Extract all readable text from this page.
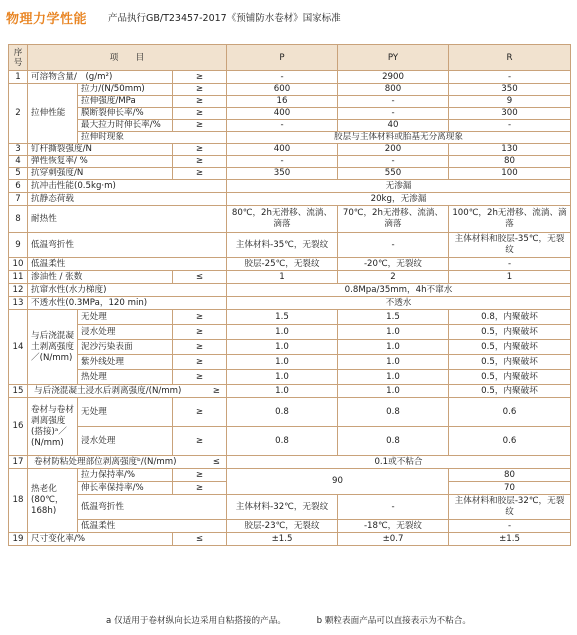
物理力学性能 产品执行GB/T23457-2017《预铺防水卷材》国家标准
序号	项　　目			P	PY	R
1	可溶物含量/　(g/m²)		≥	-	2900	-
2	拉伸性能	拉力/(N/50mm)	≥	600	800	350
		拉伸强度/MPa	≥	16	-	9
		膜断裂伸长率/%	≥	400	-	300
		最大拉力时伸长率/%	≥	-	40	-
		拉伸时现象		胶层与主体材料或胎基无分离现象		
3	钉杆撕裂强度/N		≥	400	200	130
4	弹性恢复率/ %		≥	-	-	80
5	抗穿刺强度/N		≥	350	550	100
6	抗冲击性能(0.5kg·m)			无渗漏		
7	抗静态荷载			20kg，无渗漏		
8	耐热性			80℃，2h无滑移、流淌、滴落	70℃，2h无滑移、流淌、滴落	100℃，2h无滑移、流淌、滴落
9	低温弯折性			主体材料-35℃，无裂纹	-	主体材料和胶层-35℃，无裂纹
10	低温柔性			胶层-25℃，无裂纹	-20℃，无裂纹	-
11	渗油性 / 张数		≤	1	2	1
12	抗窜水性(水力梯度)			0.8Mpa/35mm，4h不窜水		
13	不透水性(0.3MPa，120 min)			不透水		
14	与后浇混凝土剥离强度／(N/mm)	无处理	≥	1.5	1.5	0.8，内聚破坏
		浸水处理	≥	1.0	1.0	0.5，内聚破坏
		泥沙污染表面	≥	1.0	1.0	0.5，内聚破坏
		紫外线处理	≥	1.0	1.0	0.5，内聚破坏
		热处理	≥	1.0	1.0	0.5，内聚破坏
15	与后浇混凝土浸水后剥离强度/(N/mm) ≥			1.0	1.0	0.5，内聚破坏
16	卷材与卷材剥离强度(搭接)ᵃ／(N/mm)	无处理	≥	0.8	0.8	0.6
		浸水处理	≥	0.8	0.8	0.6
17	卷材防粘处理部位剥离强度ᵇ/(N/mm) ≤			0.1或不粘合		
18	热老化(80℃，168h)	拉力保持率/%	≥	90		80
		伸长率保持率/%	≥			70
		低温弯折性		主体材料-32℃，无裂纹	-	主体材料和胶层-32℃，无裂纹
		低温柔性		胶层-23℃，无裂纹	-18℃，无裂纹	-
19	尺寸变化率/%		≤	±1.5	±0.7	±1.5
a 仅适用于卷材纵向长边采用自粘搭接的产品。	b 颗粒表面产品可以直接表示为不粘合。
